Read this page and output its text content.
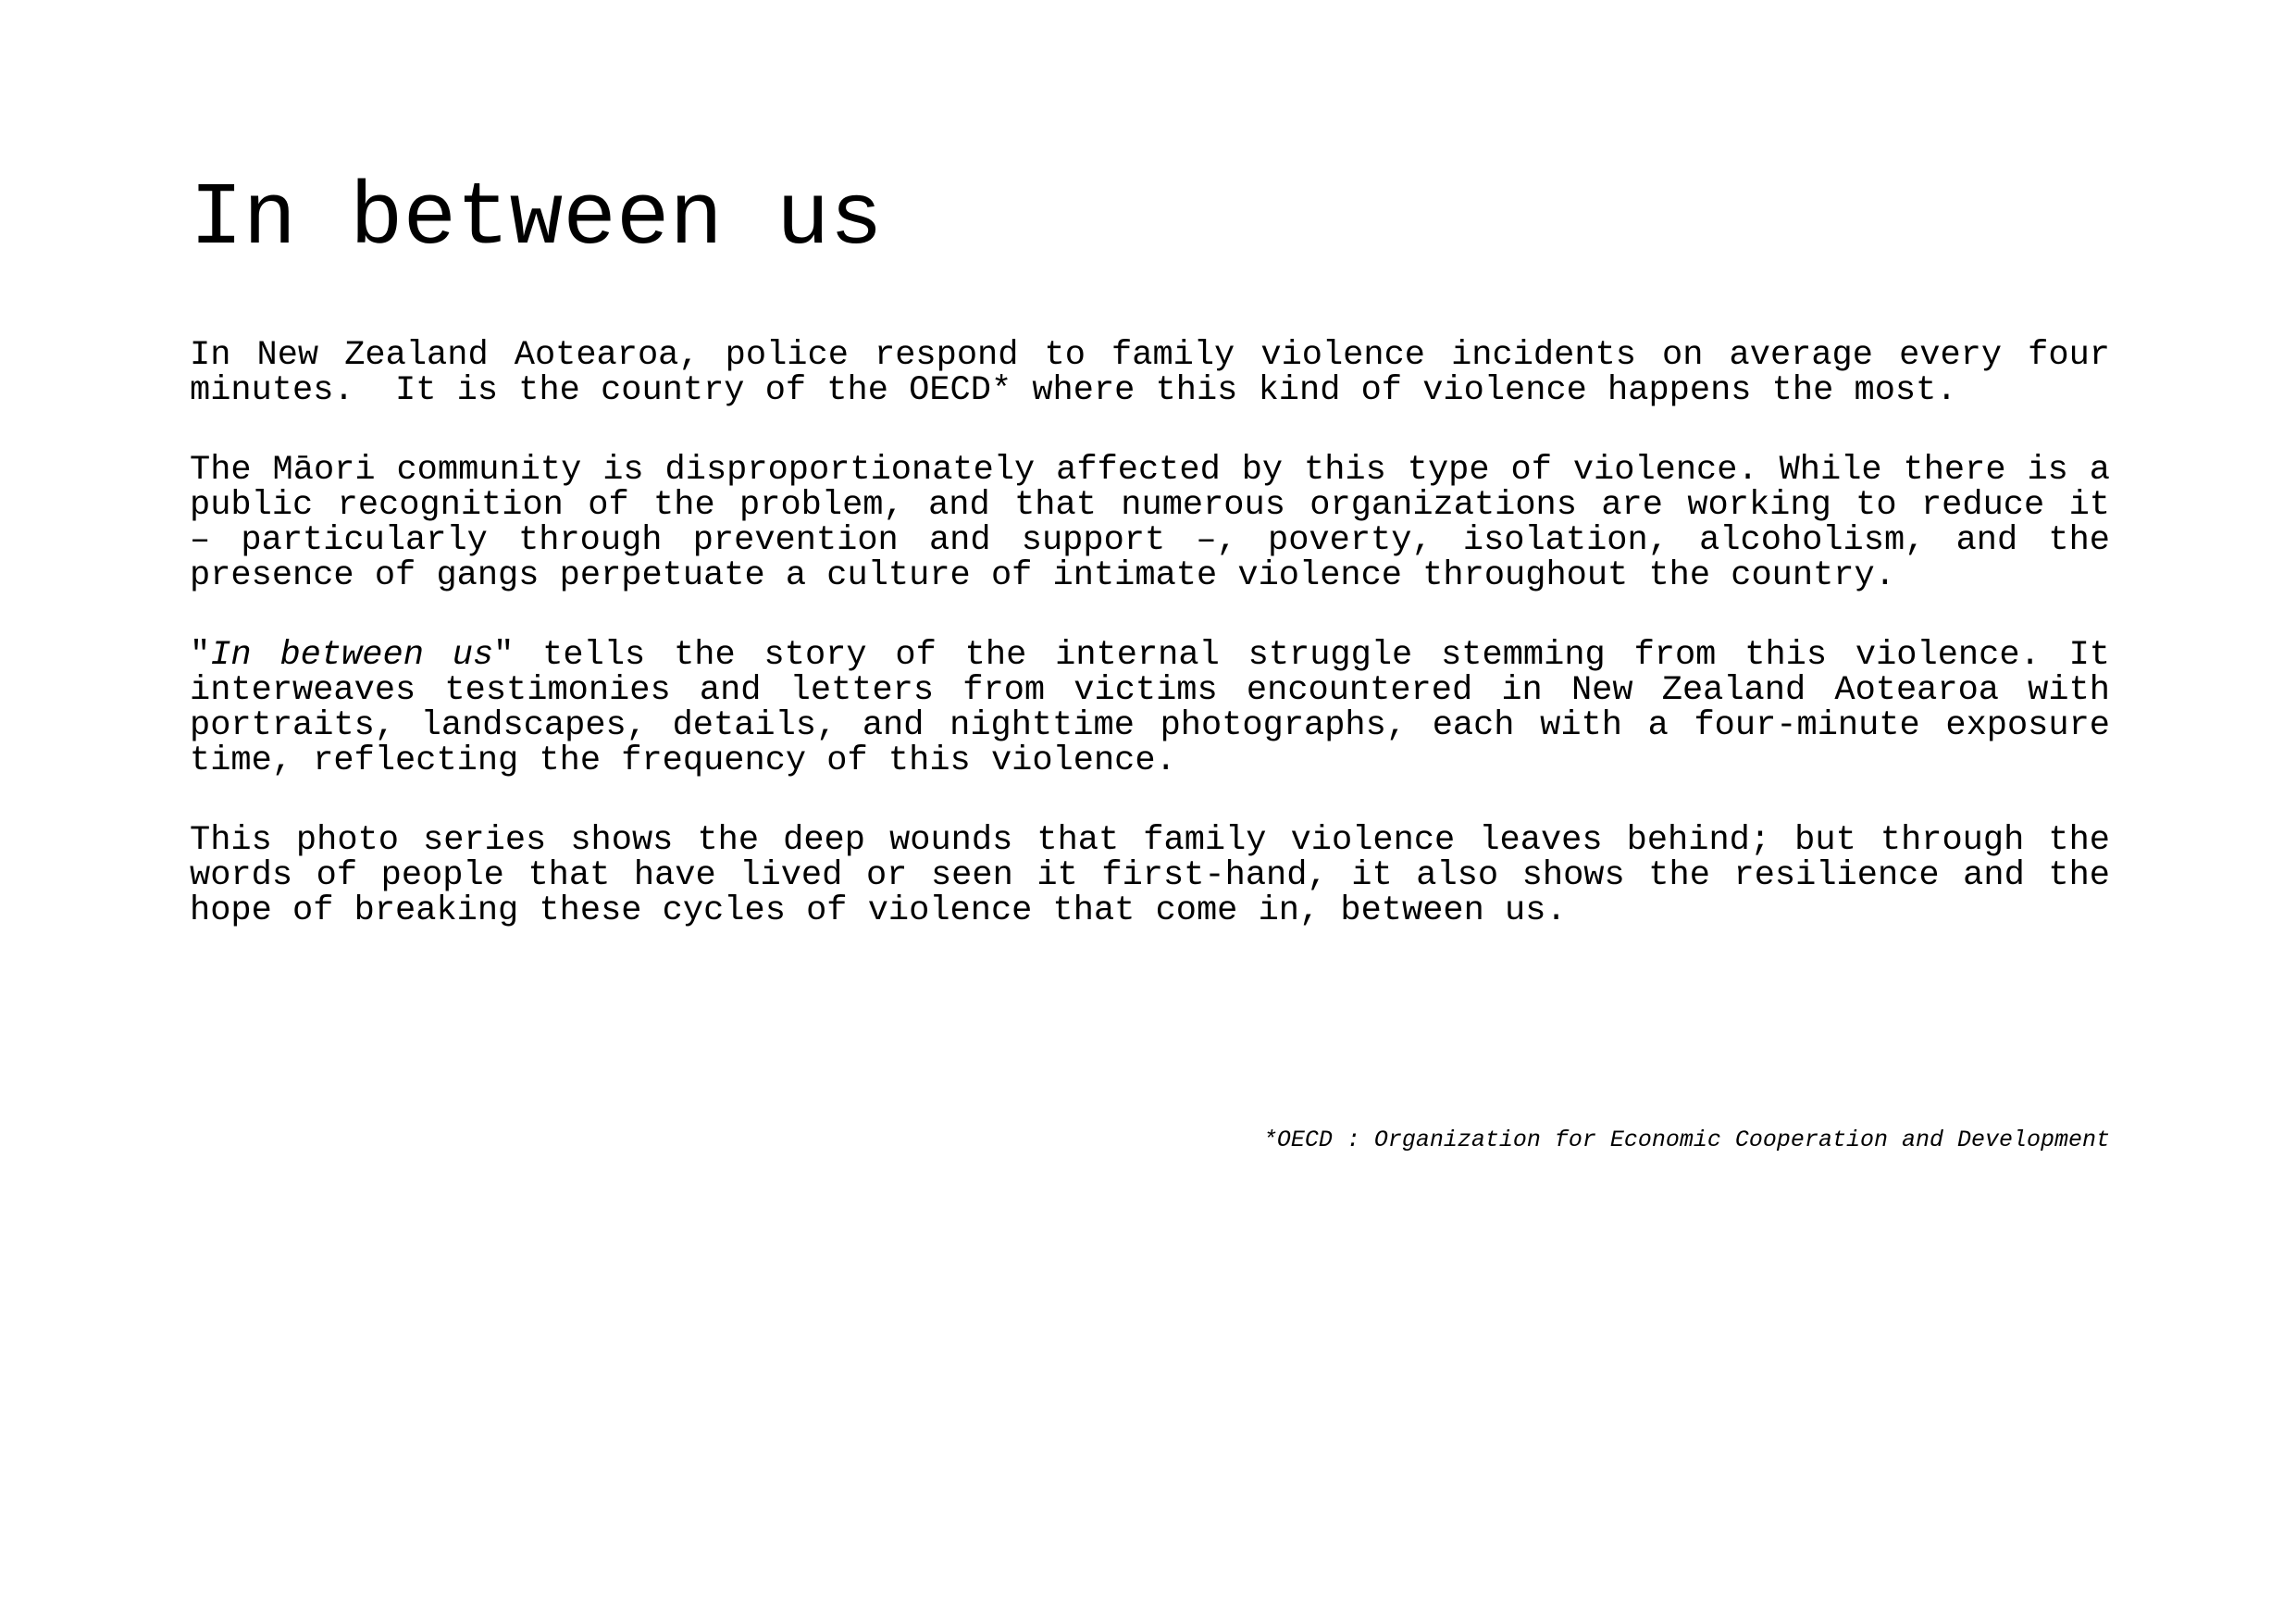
In between us
In New Zealand Aotearoa, police respond to family violence incidents on average every four
minutes.  It is the country of the OECD* where this kind of violence happens the most.
The Māori community is disproportionately affected by this type of violence. While there is a
public recognition of the problem, and that numerous organizations are working to reduce it
– particularly through prevention and support –, poverty, isolation, alcoholism, and the
presence of gangs perpetuate a culture of intimate violence throughout the country.
"In between us" tells the story of the internal struggle stemming from this violence. It
interweaves testimonies and letters from victims encountered in New Zealand Aotearoa with
portraits, landscapes, details, and nighttime photographs, each with a four-minute exposure
time, reflecting the frequency of this violence.
This photo series shows the deep wounds that family violence leaves behind; but through the
words of people that have lived or seen it first-hand, it also shows the resilience and the
hope of breaking these cycles of violence that come in, between us.
*OECD : Organization for Economic Cooperation and Development
